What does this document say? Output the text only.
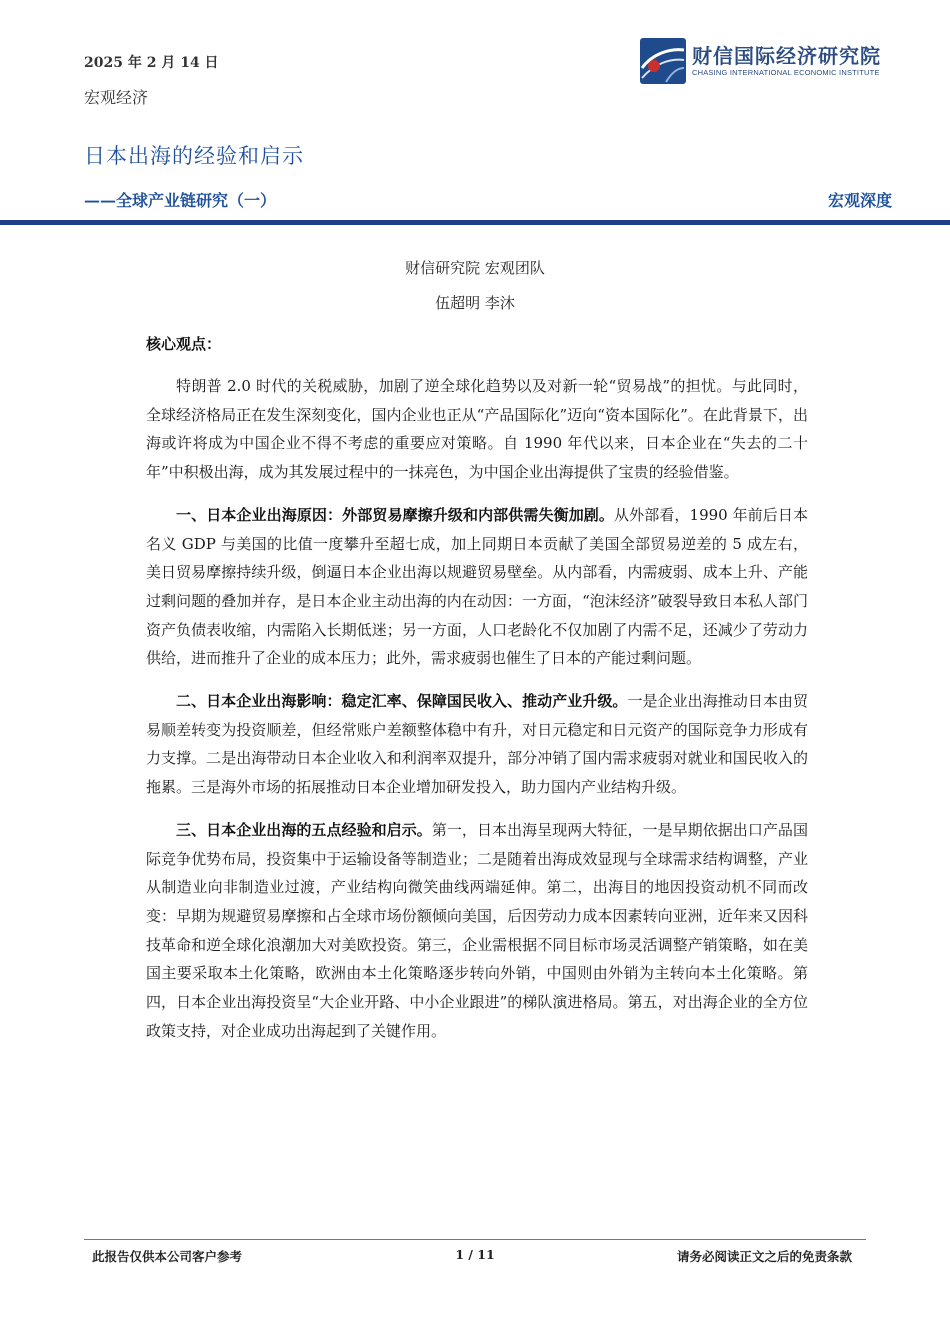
2025 年 2 月 14 日
宏观经济
财信国际经济研究院
CHASING INTERNATIONAL ECONOMIC INSTITUTE
日本出海的经验和启示
——全球产业链研究（一）	宏观深度
财信研究院 宏观团队
伍超明 李沐
核心观点：

特朗普 2.0 时代的关税威胁，加剧了逆全球化趋势以及对新一轮“贸易战”的担忧。与此同时，全球经济格局正在发生深刻变化，国内企业也正从“产品国际化”迈向“资本国际化”。在此背景下，出海或许将成为中国企业不得不考虑的重要应对策略。自 1990 年代以来，日本企业在“失去的二十年”中积极出海，成为其发展过程中的一抹亮色，为中国企业出海提供了宝贵的经验借鉴。

一、日本企业出海原因：外部贸易摩擦升级和内部供需失衡加剧。从外部看，1990 年前后日本名义 GDP 与美国的比值一度攀升至超七成，加上同期日本贡献了美国全部贸易逆差的 5 成左右，美日贸易摩擦持续升级，倒逼日本企业出海以规避贸易壁垒。从内部看，内需疲弱、成本上升、产能过剩问题的叠加并存，是日本企业主动出海的内在动因：一方面，“泡沫经济”破裂导致日本私人部门资产负债表收缩，内需陷入长期低迷；另一方面，人口老龄化不仅加剧了内需不足，还减少了劳动力供给，进而推升了企业的成本压力；此外，需求疲弱也催生了日本的产能过剩问题。

二、日本企业出海影响：稳定汇率、保障国民收入、推动产业升级。一是企业出海推动日本由贸易顺差转变为投资顺差，但经常账户差额整体稳中有升，对日元稳定和日元资产的国际竞争力形成有力支撑。二是出海带动日本企业收入和利润率双提升，部分冲销了国内需求疲弱对就业和国民收入的拖累。三是海外市场的拓展推动日本企业增加研发投入，助力国内产业结构升级。

三、日本企业出海的五点经验和启示。第一，日本出海呈现两大特征，一是早期依据出口产品国际竞争优势布局，投资集中于运输设备等制造业；二是随着出海成效显现与全球需求结构调整，产业从制造业向非制造业过渡，产业结构向微笑曲线两端延伸。第二，出海目的地因投资动机不同而改变：早期为规避贸易摩擦和占全球市场份额倾向美国，后因劳动力成本因素转向亚洲，近年来又因科技革命和逆全球化浪潮加大对美欧投资。第三，企业需根据不同目标市场灵活调整产销策略，如在美国主要采取本土化策略，欧洲由本土化策略逐步转向外销，中国则由外销为主转向本土化策略。第四，日本企业出海投资呈“大企业开路、中小企业跟进”的梯队演进格局。第五，对出海企业的全方位政策支持，对企业成功出海起到了关键作用。

此报告仅供本公司客户参考	1 / 11	请务必阅读正文之后的免责条款
